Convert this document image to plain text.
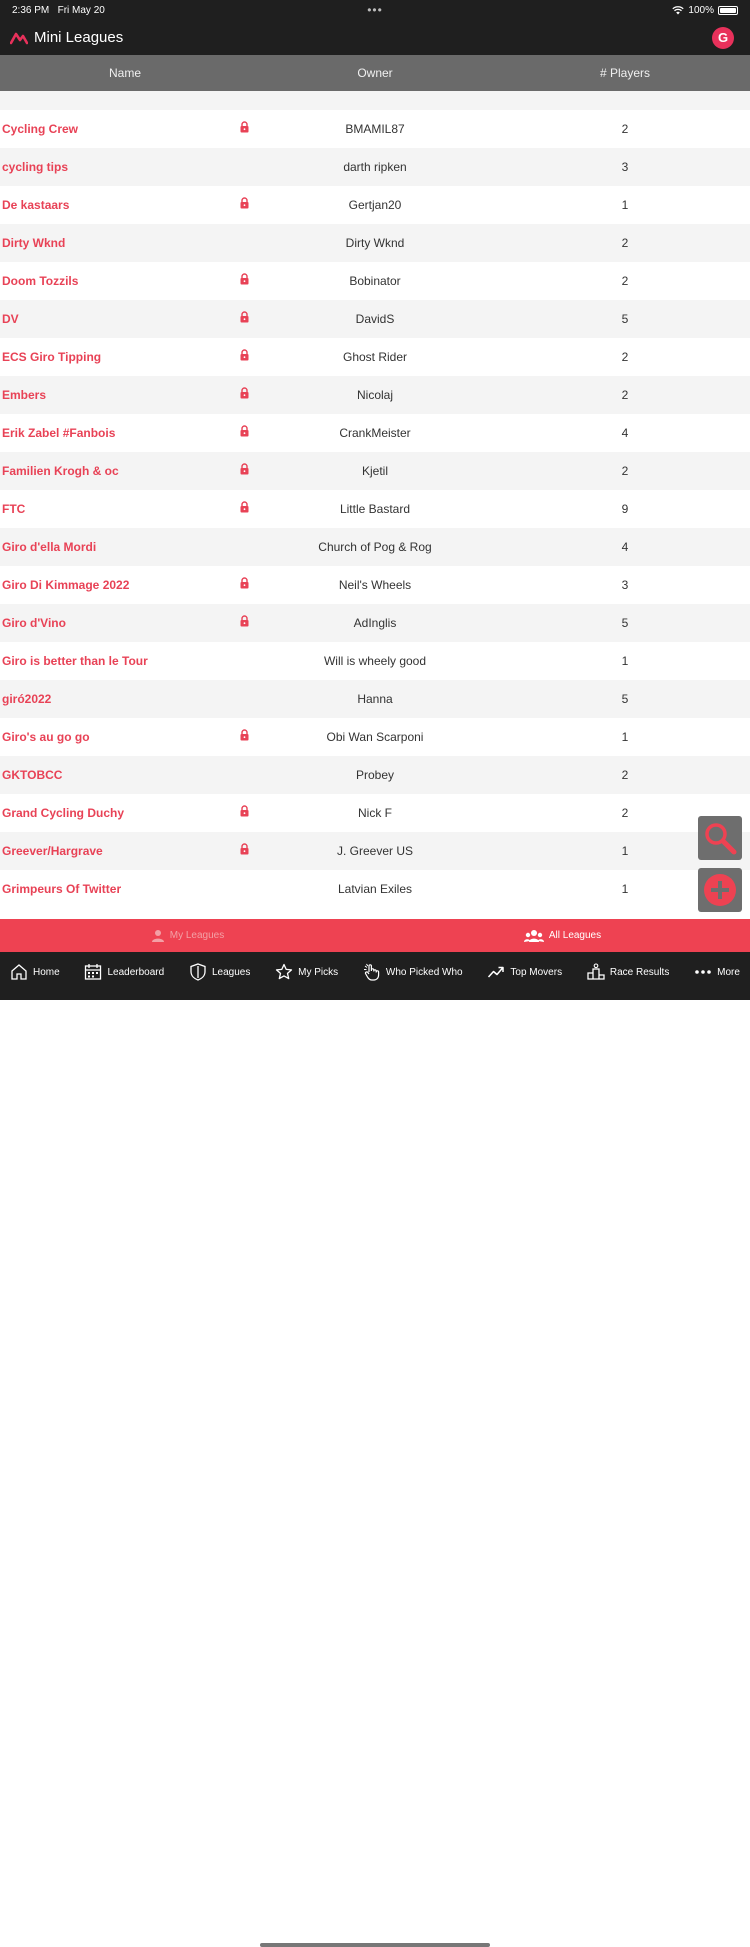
2:36 PM Fri May 20	•••	100%
Mini Leagues	G
Name	Owner	# Players
Cycling Crew	BMAMIL87	2
cycling tips	darth ripken	3
De kastaars	Gertjan20	1
Dirty Wknd	Dirty Wknd	2
Doom Tozzils	Bobinator	2
DV	DavidS	5
ECS Giro Tipping	Ghost Rider	2
Embers	Nicolaj	2
Erik Zabel #Fanbois	CrankMeister	4
Familien Krogh & oc	Kjetil	2
FTC	Little Bastard	9
Giro d'ella Mordi	Church of Pog & Rog	4
Giro Di Kimmage 2022	Neil's Wheels	3
Giro d'Vino	AdInglis	5
Giro is better than le Tour	Will is wheely good	1
giró2022	Hanna	5
Giro's au go go	Obi Wan Scarponi	1
GKTOBCC	Probey	2
Grand Cycling Duchy	Nick F	2
Greever/Hargrave	J. Greever US	1
Grimpeurs Of Twitter	Latvian Exiles	1
My Leagues	All Leagues
Home	Leaderboard	Leagues	My Picks	Who Picked Who	Top Movers	Race Results	More
